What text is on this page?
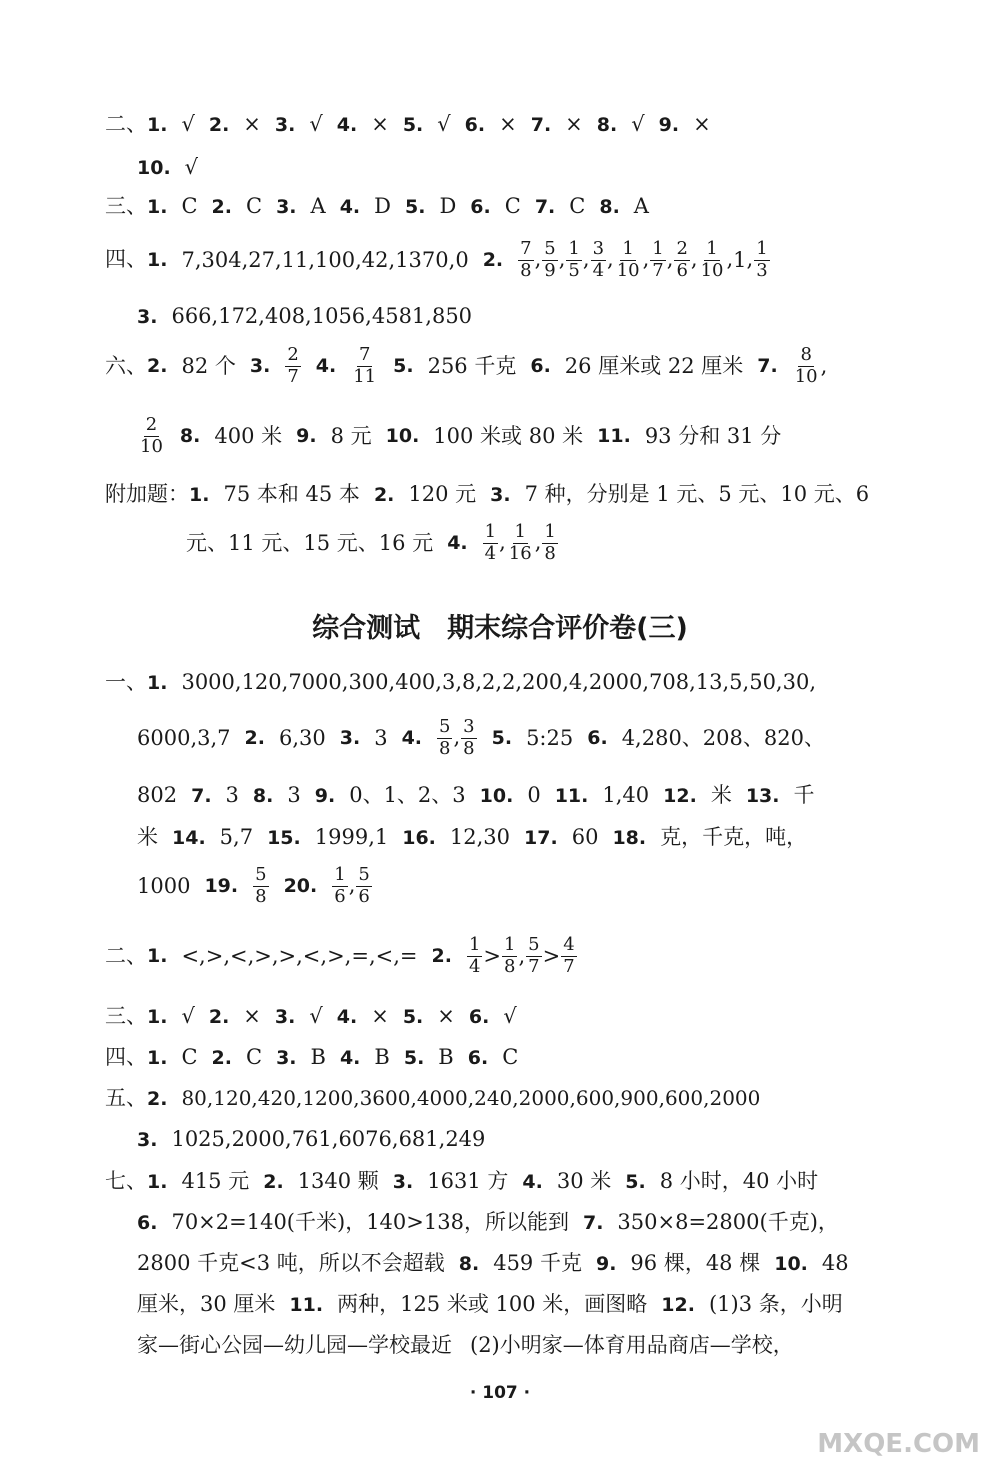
二、1. √ 2. × 3. √ 4. × 5. √ 6. × 7. × 8. √ 9. ×
10. √
三、1. C 2. C 3. A 4. D 5. D 6. C 7. C 8. A
四、1. 7,304,27,11,100,42,1370,0 2. $\frac{7}{8}$ , $\frac{5}{9}$ , $\frac{1}{5}$ , $\frac{3}{4}$ , $\frac{1}{10}$ , $\frac{1}{7}$ , $\frac{2}{6}$ , $\frac{1}{10} ,1$, $\frac{1}{3}$
3. 666,172,408,1056,4581,850
六、2. 82 个 3. $\frac{2}{7} 4$. $\frac{7}{11} 5$. 256 千克 6. 26 厘米或 22 厘米 7. $\frac{8}{10}$ ,
$\frac{2}{10} 8$. 400 米 9. 8 元 10. 100 米或 80 米 11. 93 分和 31 分
附加题：1. 75 本和 45 本 2. 120 元 3. 7 种，分别是 1 元、5 元、10 元、6
元、11 元、15 元、16 元 4. $\frac{1}{4}$ , $\frac{1}{16}$ , $\frac{1}{8}$
综合测试　期末综合评价卷(三)
一、1. 3000,120,7000,300,400,3,8,2,2,200,4,2000,708,13,5,50,30,
6000,3,7 2. 6,30 3. 3 4. $\frac{5}{8}$ , $\frac{3}{8} 5$. 5:25 6. 4,280、208、820、
802 7. 3 8. 3 9. 0、1、2、3 10. 0 11. 1,40 12. 米 13. 千
米 14. 5,7 15. 1999,1 16. 12,30 17. 60 18. 克，千克，吨，
1000 19. $\frac{5}{8} 20$. $\frac{1}{6}$ , $\frac{5}{6}$
二、1. <,>,<,>,>,<,>,=,<,= 2. $\frac{1}{4} > \frac{1}{8}$ , $\frac{5}{7} > \frac{4}{7}$
三、1. √ 2. × 3. √ 4. × 5. × 6. √
四、1. C 2. C 3. B 4. B 5. B 6. C
五、2. 80,120,420,1200,3600,4000,240,2000,600,900,600,2000
3. 1025,2000,761,6076,681,249
七、1. 415 元 2. 1340 颗 3. 1631 方 4. 30 米 5. 8 小时，40 小时
6. 70×2=140(千米)，140>138，所以能到 7. 350×8=2800(千克)，
2800 千克<3 吨，所以不会超载 8. 459 千克 9. 96 棵，48 棵 10. 48
厘米，30 厘米 11. 两种，125 米或 100 米，画图略 12. (1)3 条，小明
家—街心公园—幼儿园—学校最近 (2)小明家—体育用品商店—学校，
· 107 ·
MXQE.COM
